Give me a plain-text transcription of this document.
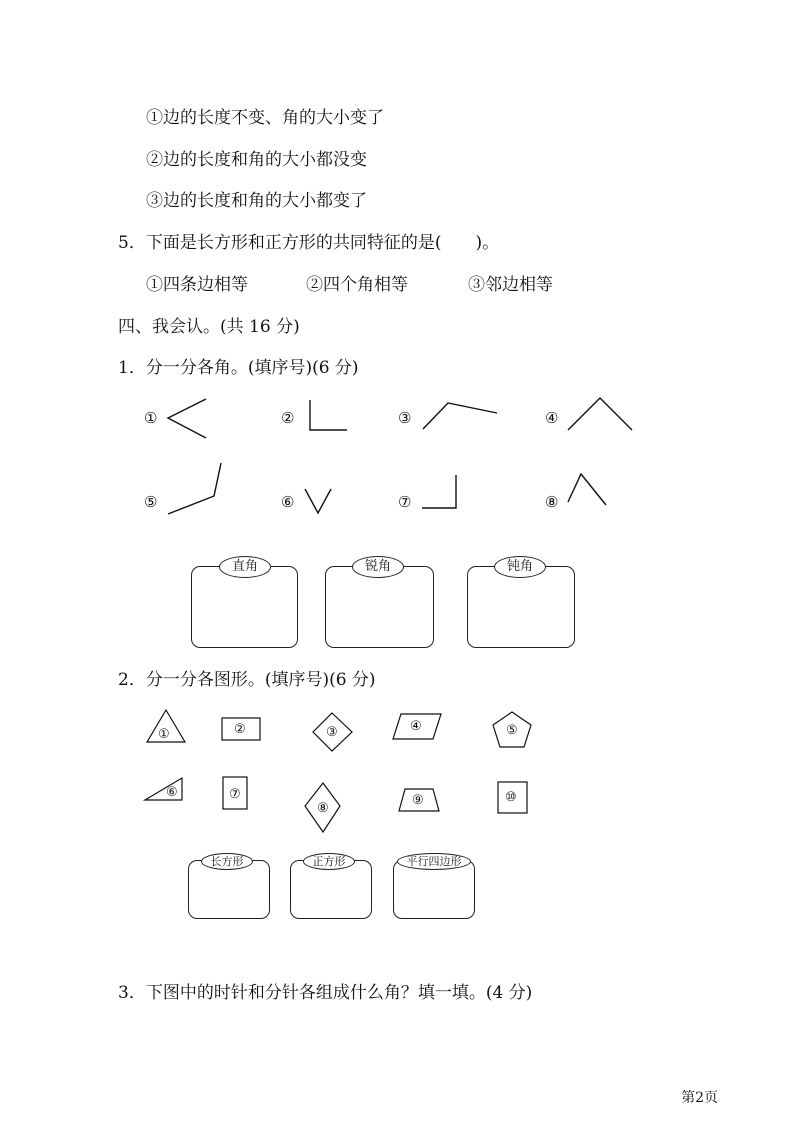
①边的长度不变、角的大小变了
②边的长度和角的大小都没变
③边的长度和角的大小都变了
5．下面是长方形和正方形的共同特征的是(　　)。
①四条边相等	②四个角相等	③邻边相等
四、我会认。(共 16 分)
1．分一分各角。(填序号)(6 分)
①	②	③	④
⑤	⑥	⑦	⑧
直角	锐角	钝角
2．分一分各图形。(填序号)(6 分)
①	②	③	④	⑤
⑥	⑦
⑧
⑨	⑩
长方形	正方形	平行四边形
3．下图中的时针和分针各组成什么角？填一填。(4 分)
第2页
